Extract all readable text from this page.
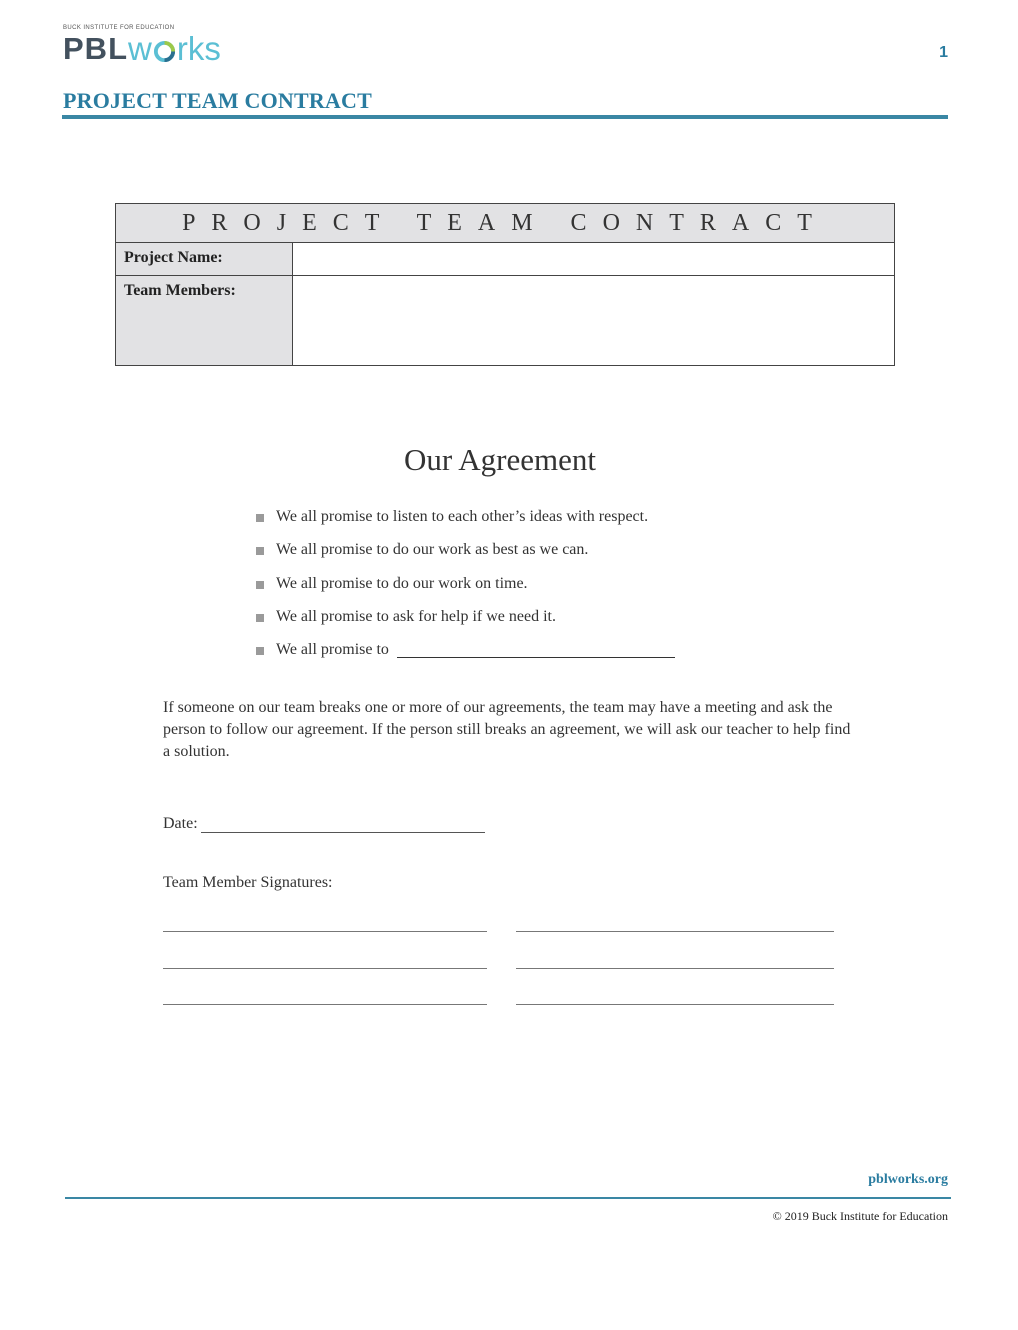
BUCK INSTITUTE FOR EDUCATION
PBL w rks	1
PROJECT TEAM CONTRACT
PROJECT TEAM CONTRACT	
Project Name:	
Team Members:	
Our Agreement
We all promise to listen to each other’s ideas with respect.
We all promise to do our work as best as we can.
We all promise to do our work on time.
We all promise to ask for help if we need it.
We all promise to
If someone on our team breaks one or more of our agreements, the team may have a meeting and ask the person to follow our agreement. If the person still breaks an agreement, we will ask our teacher to help find a solution.
Date:
Team Member Signatures:
pblworks.org
© 2019 Buck Institute for Education
